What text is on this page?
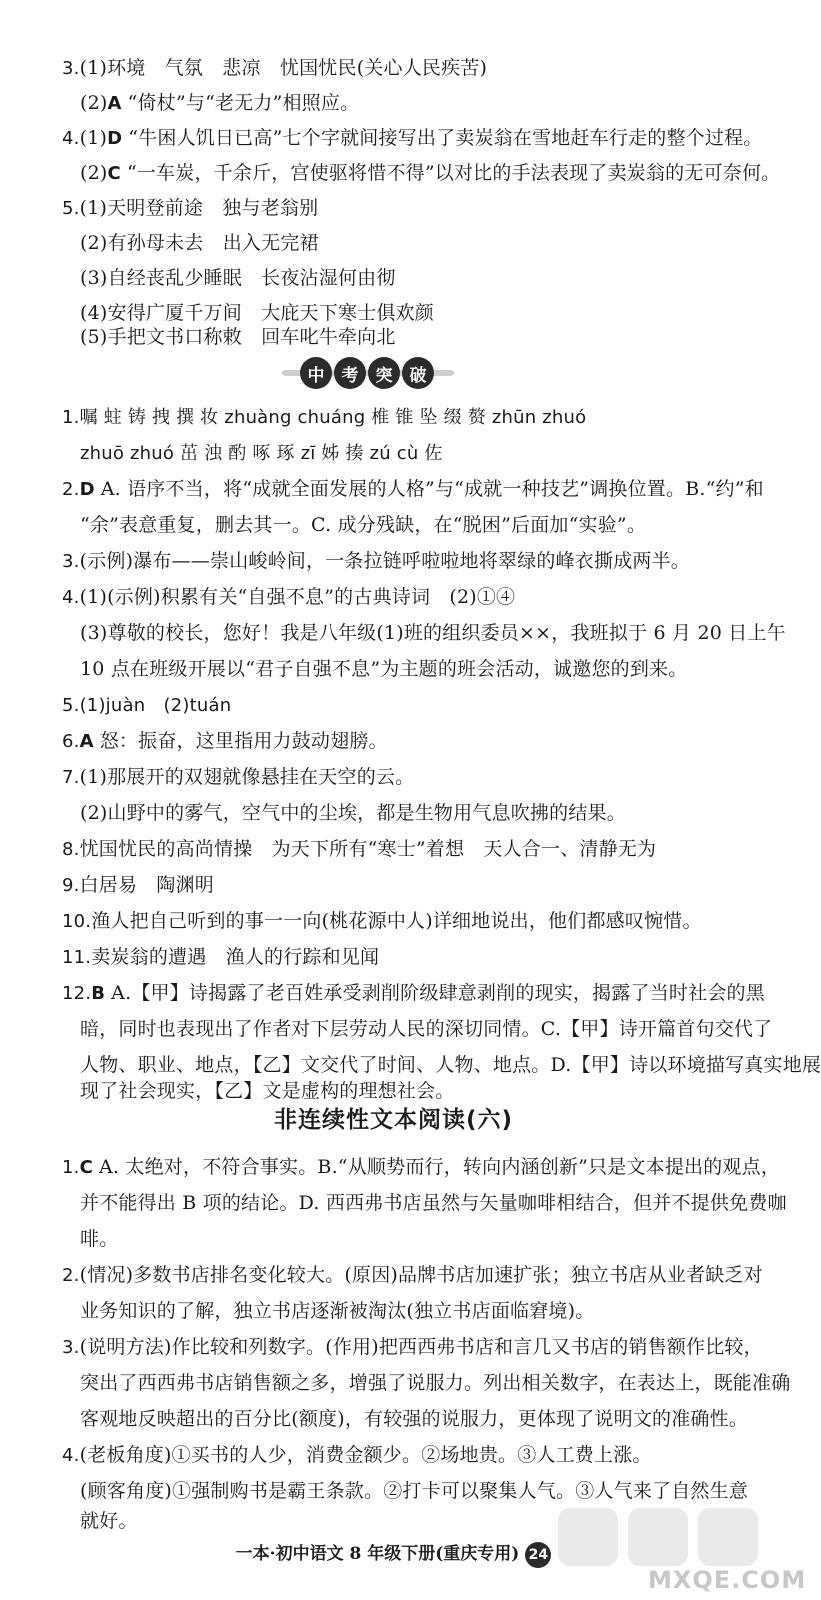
3.(1)环境　气氛　悲凉　忧国忧民(关心人民疾苦)
(2)A “倚杖”与“老无力”相照应。
4.(1)D “牛困人饥日已高”七个字就间接写出了卖炭翁在雪地赶车行走的整个过程。
(2)C “一车炭，千余斤，宫使驱将惜不得”以对比的手法表现了卖炭翁的无可奈何。
5.(1)天明登前途　独与老翁别
(2)有孙母未去　出入无完裙
(3)自经丧乱少睡眠　长夜沾湿何由彻
(4)安得广厦千万间　大庇天下寒士俱欢颜
(5)手把文书口称敕　回车叱牛牵向北
中	考	突	破
1.嘱 蛀 铸 拽 撰 妆 zhuàng chuáng 椎 锥 坠 缀 赘 zhūn zhuó
zhuō zhuó 茁 浊 酌 啄 琢 zī 姊 揍 zú cù 佐
2.D A. 语序不当，将“成就全面发展的人格”与“成就一种技艺”调换位置。B.“约”和
“余”表意重复，删去其一。C. 成分残缺，在“脱困”后面加“实验”。
3.(示例)瀑布——崇山峻岭间，一条拉链呼啦啦地将翠绿的峰衣撕成两半。
4.(1)(示例)积累有关“自强不息”的古典诗词　(2)①④
(3)尊敬的校长，您好！我是八年级(1)班的组织委员××，我班拟于 6 月 20 日上午
10 点在班级开展以“君子自强不息”为主题的班会活动，诚邀您的到来。
5.(1)juàn　(2)tuán
6.A 怒：振奋，这里指用力鼓动翅膀。
7.(1)那展开的双翅就像悬挂在天空的云。
(2)山野中的雾气，空气中的尘埃，都是生物用气息吹拂的结果。
8.忧国忧民的高尚情操　为天下所有“寒士”着想　天人合一、清静无为
9.白居易　陶渊明
10.渔人把自己听到的事一一向(桃花源中人)详细地说出，他们都感叹惋惜。
11.卖炭翁的遭遇　渔人的行踪和见闻
12.B A.【甲】诗揭露了老百姓承受剥削阶级肆意剥削的现实，揭露了当时社会的黑
暗，同时也表现出了作者对下层劳动人民的深切同情。C.【甲】诗开篇首句交代了
人物、职业、地点，【乙】文交代了时间、人物、地点。D.【甲】诗以环境描写真实地展
现了社会现实，【乙】文是虚构的理想社会。
非连续性文本阅读(六)
1.C A. 太绝对，不符合事实。B.“从顺势而行，转向内涵创新”只是文本提出的观点，
并不能得出 B 项的结论。D. 西西弗书店虽然与矢量咖啡相结合，但并不提供免费咖
啡。
2.(情况)多数书店排名变化较大。(原因)品牌书店加速扩张；独立书店从业者缺乏对
业务知识的了解，独立书店逐渐被淘汰(独立书店面临窘境)。
3.(说明方法)作比较和列数字。(作用)把西西弗书店和言几又书店的销售额作比较，
突出了西西弗书店销售额之多，增强了说服力。列出相关数字，在表达上，既能准确
客观地反映超出的百分比(额度)，有较强的说服力，更体现了说明文的准确性。
4.(老板角度)①买书的人少，消费金额少。②场地贵。③人工费上涨。
(顾客角度)①强制购书是霸王条款。②打卡可以聚集人气。③人气来了自然生意
就好。
一本·初中语文 8 年级下册(重庆专用) 24
MXQE.COM
